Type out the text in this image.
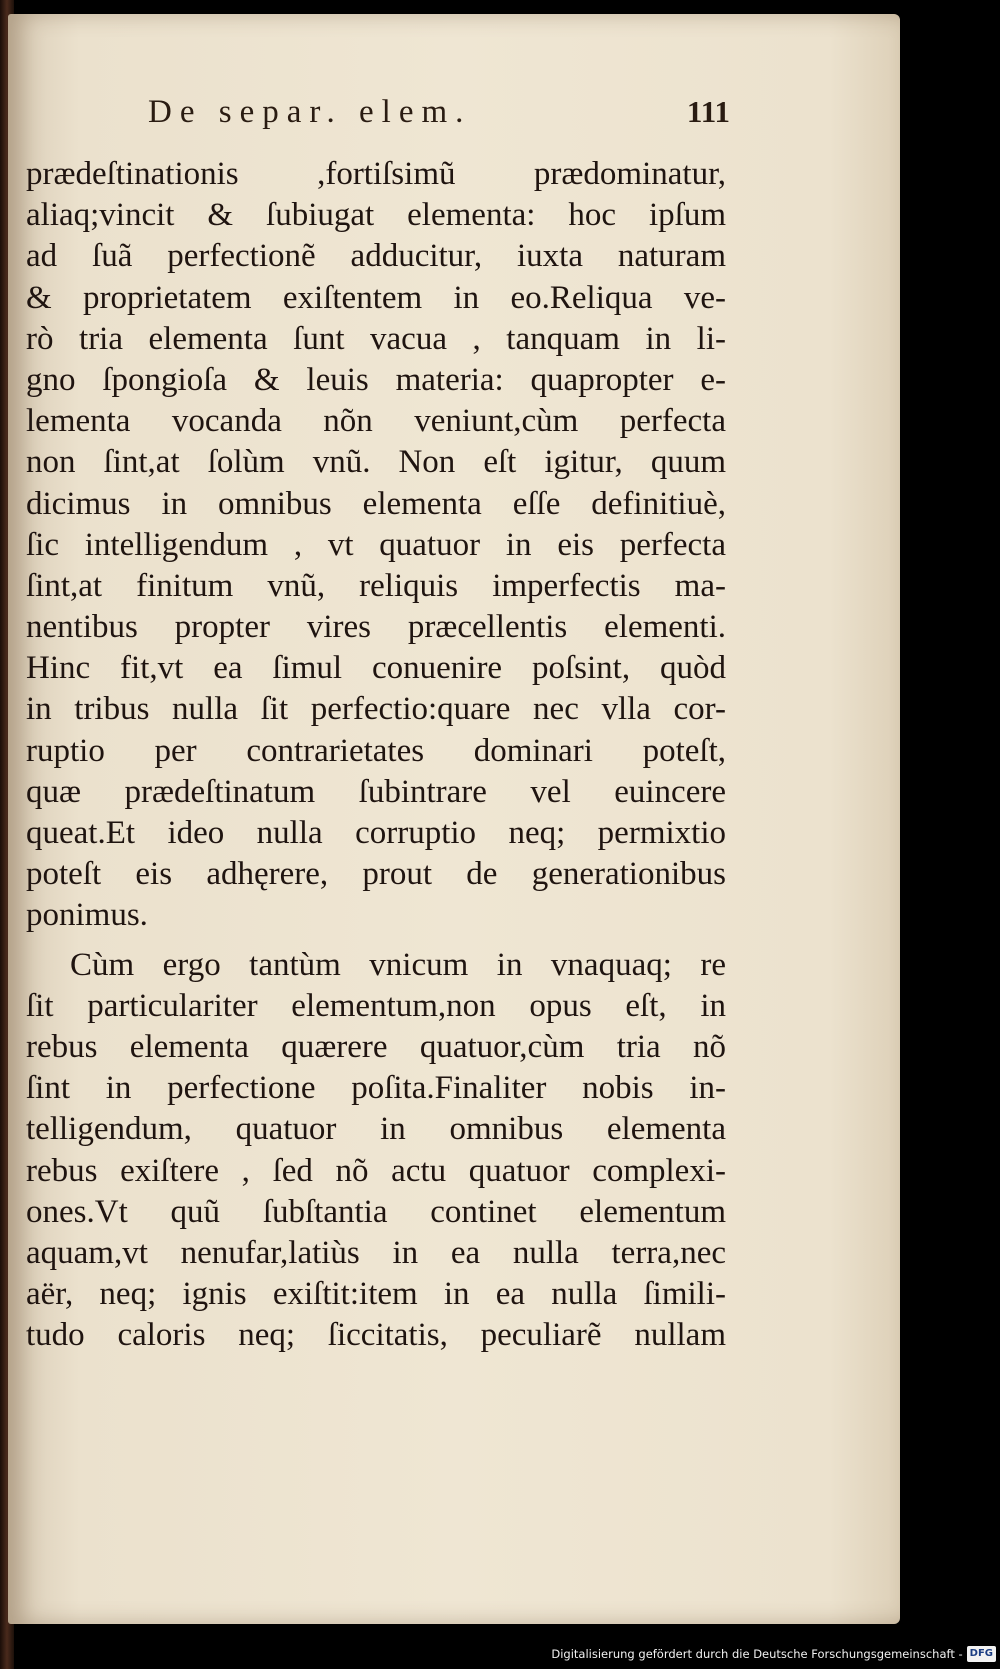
De separ. elem.	111
prædeſtinationis ,fortiſsimũ prædominatur,
aliaq;vincit & ſubiugat elementa: hoc ipſum
ad ſuã perfectionẽ adducitur, iuxta naturam
& proprietatem exiſtentem in eo.Reliqua ve-
rò tria elementa ſunt vacua , tanquam in li-
gno ſpongioſa & leuis materia: quapropter e-
lementa vocanda nõn veniunt,cùm perfecta
non ſint,at ſolùm vnũ. Non eſt igitur, quum
dicimus in omnibus elementa eſſe definitiuè,
ſic intelligendum , vt quatuor in eis perfecta
ſint,at finitum vnũ, reliquis imperfectis ma-
nentibus propter vires præcellentis elementi.
Hinc fit,vt ea ſimul conuenire poſsint, quòd
in tribus nulla ſit perfectio:quare nec vlla cor-
ruptio per contrarietates dominari poteſt,
quæ prædeſtinatum ſubintrare vel euincere
queat.Et ideo nulla corruptio neq; permixtio
poteſt eis adhęrere, prout de generationibus
ponimus.
Cùm ergo tantùm vnicum in vnaquaq; re
ſit particulariter elementum,non opus eſt, in
rebus elementa quærere quatuor,cùm tria nõ
ſint in perfectione poſita.Finaliter nobis in-
telligendum, quatuor in omnibus elementa
rebus exiſtere , ſed nõ actu quatuor complexi-
ones.Vt quũ ſubſtantia continet elementum
aquam,vt nenufar,latiùs in ea nulla terra,nec
aër, neq; ignis exiſtit:item in ea nulla ſimili-
tudo caloris neq; ſiccitatis, peculiarẽ nullam
Digitalisierung gefördert durch die Deutsche Forschungsgemeinschaft - DFG
